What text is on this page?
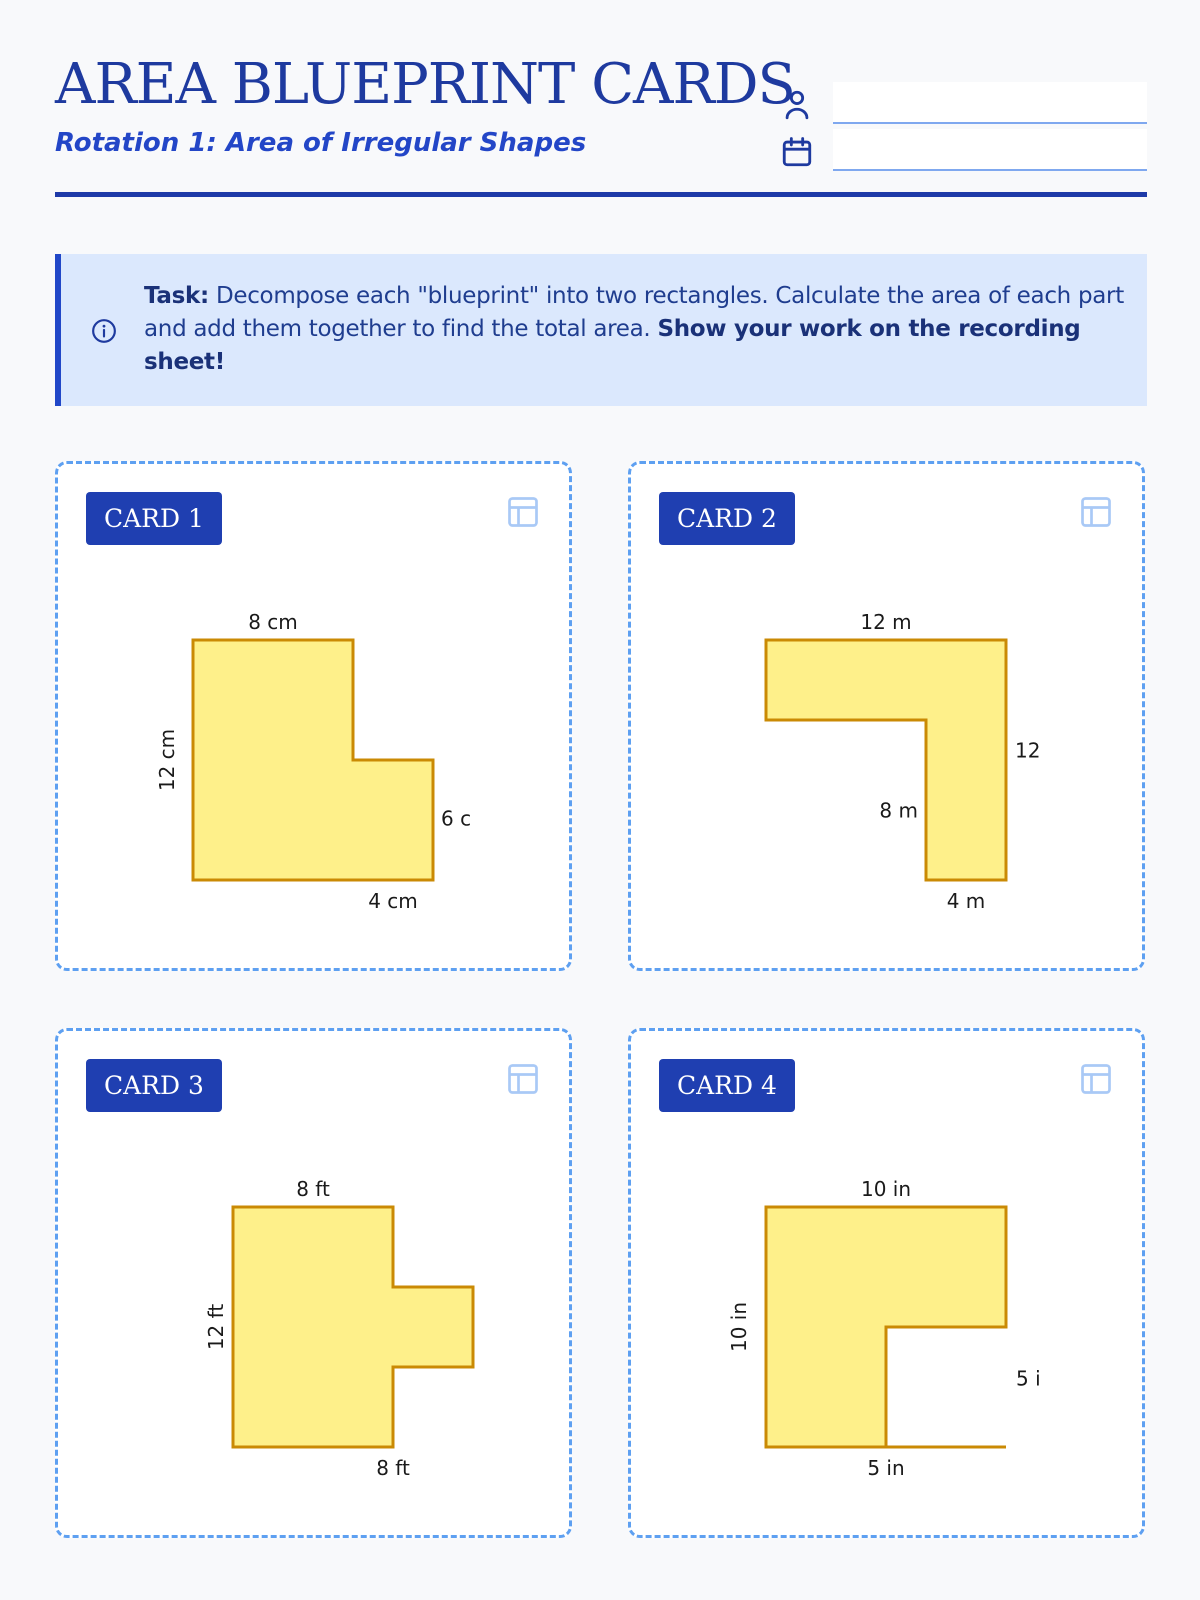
AREA BLUEPRINT CARDS
Rotation 1: Area of Irregular Shapes
Task: Decompose each "blueprint" into two rectangles. Calculate the area of each part and add them together to find the total area. Show your work on the recording sheet!
CARD 1
8 cm
12 cm
6 c
4 cm
CARD 2
12 m
12
8 m
4 m
CARD 3
8 ft
12 ft
8 ft
CARD 4
10 in
10 in
5 i
5 in
